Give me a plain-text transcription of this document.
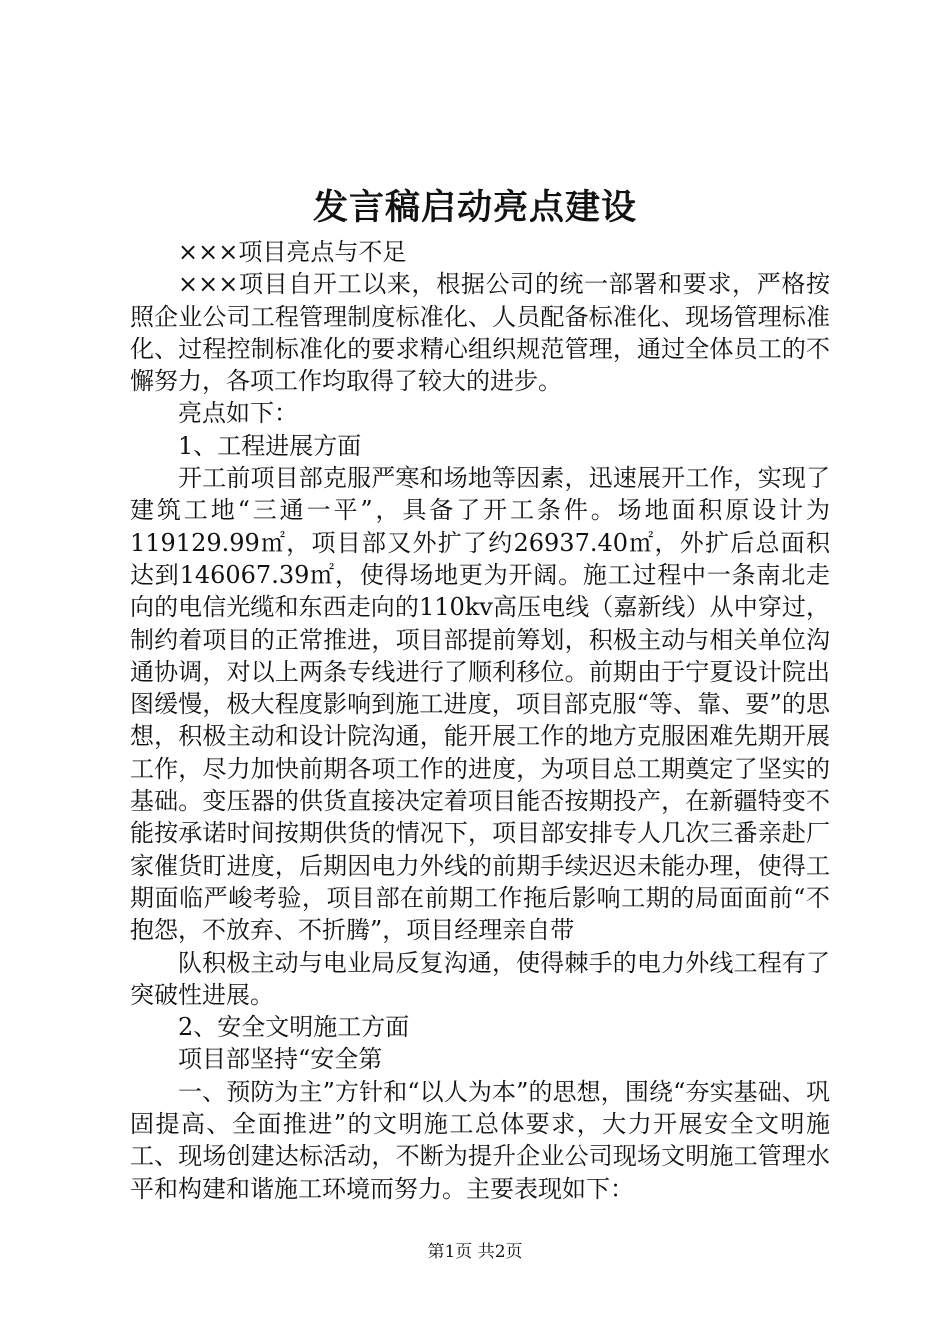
发言稿启动亮点建设

×××项目亮点与不足

×××项目自开工以来，根据公司的统一部署和要求，严格按照企业公司工程管理制度标准化、人员配备标准化、现场管理标准化、过程控制标准化的要求精心组织规范管理，通过全体员工的不懈努力，各项工作均取得了较大的进步。

亮点如下：

1、工程进展方面

开工前项目部克服严寒和场地等因素，迅速展开工作，实现了建筑工地“三通一平”，具备了开工条件。场地面积原设计为119129.99㎡，项目部又外扩了约26937.40㎡，外扩后总面积达到146067.39㎡，使得场地更为开阔。施工过程中一条南北走向的电信光缆和东西走向的110kv高压电线（嘉新线）从中穿过，制约着项目的正常推进，项目部提前筹划，积极主动与相关单位沟通协调，对以上两条专线进行了顺利移位。前期由于宁夏设计院出图缓慢，极大程度影响到施工进度，项目部克服“等、靠、要”的思想，积极主动和设计院沟通，能开展工作的地方克服困难先期开展工作，尽力加快前期各项工作的进度，为项目总工期奠定了坚实的基础。变压器的供货直接决定着项目能否按期投产，在新疆特变不能按承诺时间按期供货的情况下，项目部安排专人几次三番亲赴厂家催货盯进度，后期因电力外线的前期手续迟迟未能办理，使得工期面临严峻考验，项目部在前期工作拖后影响工期的局面面前“不抱怨，不放弃、不折腾”，项目经理亲自带

队积极主动与电业局反复沟通，使得棘手的电力外线工程有了突破性进展。

2、安全文明施工方面

项目部坚持“安全第

一、预防为主”方针和“以人为本”的思想，围绕“夯实基础、巩固提高、全面推进”的文明施工总体要求，大力开展安全文明施工、现场创建达标活动，不断为提升企业公司现场文明施工管理水平和构建和谐施工环境而努力。主要表现如下：

第1页 共2页
